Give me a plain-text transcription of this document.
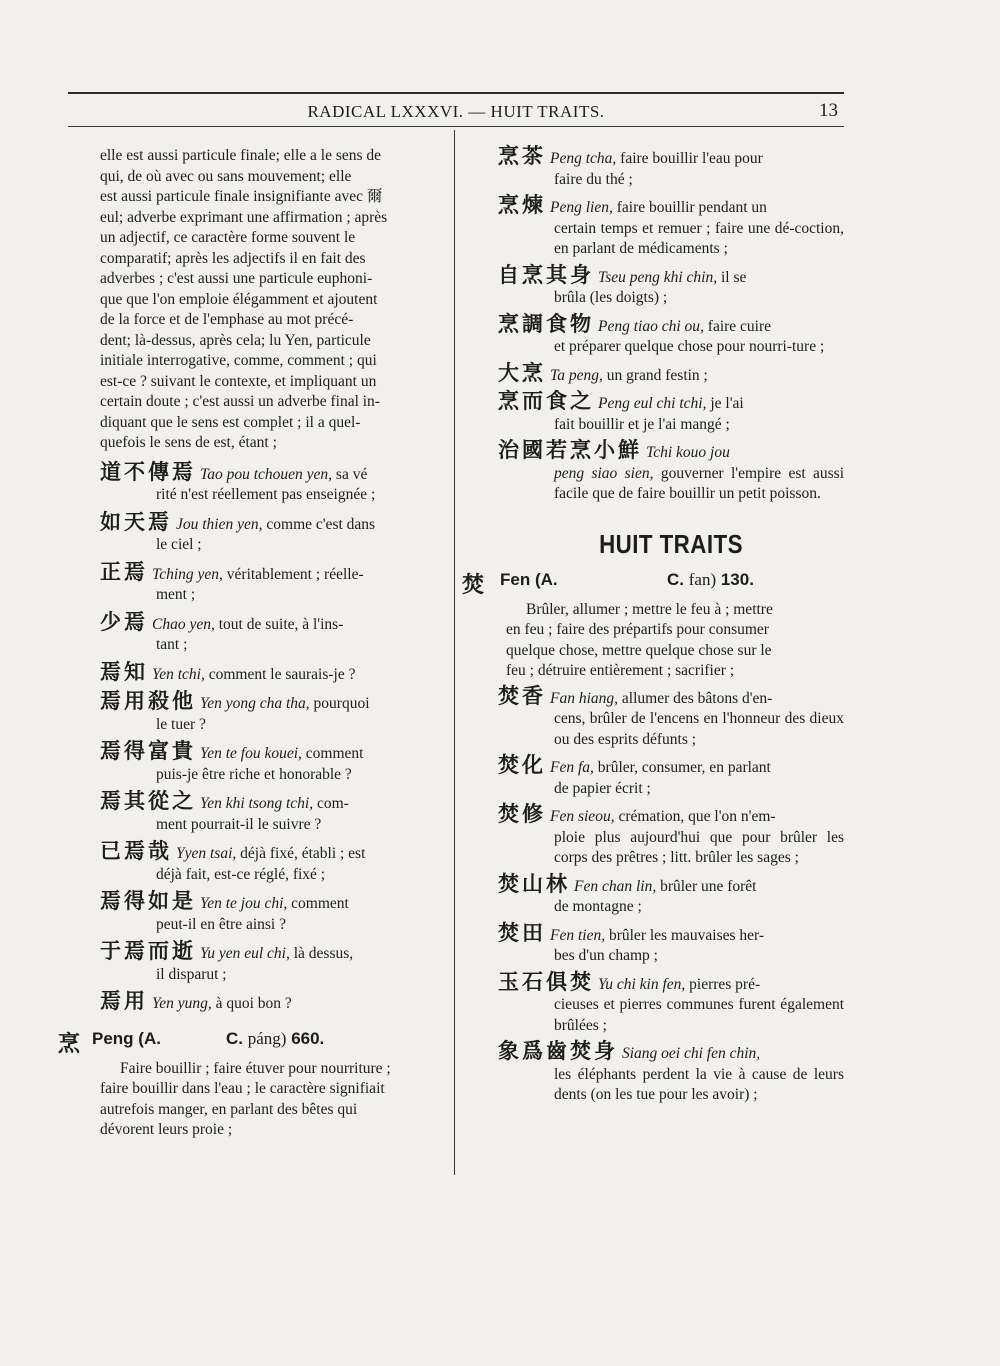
RADICAL LXXXVI. — HUIT TRAITS.	13
elle est aussi particule finale; elle a le sens de
qui, de où avec ou sans mouvement; elle
est aussi particule finale insignifiante avec 爾
eul; adverbe exprimant une affirmation ; après
un adjectif, ce caractère forme souvent le
comparatif; après les adjectifs il en fait des
adverbes ; c'est aussi une particule euphoni-
que que l'on emploie élégamment et ajoutent
de la force et de l'emphase au mot précé-
dent; là-dessus, après cela; lu Yen, particule
initiale interrogative, comme, comment ; qui
est-ce ? suivant le contexte, et impliquant un
certain doute ; c'est aussi un adverbe final in-
diquant que le sens est complet ; il a quel-
quefois le sens de est, étant ;
道不傳焉 Tao pou tchouen yen, sa vé
rité n'est réellement pas enseignée ;
如天焉 Jou thien yen, comme c'est dans
le ciel ;
正焉 Tching yen, véritablement ; réelle-
ment ;
少焉 Chao yen, tout de suite, à l'ins-
tant ;
焉知 Yen tchi, comment le saurais-je ?
焉用殺他 Yen yong cha tha, pourquoi
le tuer ?
焉得富貴 Yen te fou kouei, comment
puis-je être riche et honorable ?
焉其從之 Yen khi tsong tchi, com-
ment pourrait-il le suivre ?
已焉哉 Yyen tsai, déjà fixé, établi ; est
déjà fait, est-ce réglé, fixé ;
焉得如是 Yen te jou chi, comment
peut-il en être ainsi ?
于焉而逝 Yu yen eul chi, là dessus,
il disparut ;
焉用 Yen yung, à quoi bon ?
烹 Peng (A.	C. páng) 660.
Faire bouillir ; faire étuver pour nourriture ;
faire bouillir dans l'eau ; le caractère signifiait
autrefois manger, en parlant des bêtes qui
dévorent leurs proie ;
烹茶 Peng tcha, faire bouillir l'eau pour
faire du thé ;
烹煉 Peng lien, faire bouillir pendant un
certain temps et remuer ; faire une dé-coction, en parlant de médicaments ;
自烹其身 Tseu peng khi chin, il se
brûla (les doigts) ;
烹調食物 Peng tiao chi ou, faire cuire
et préparer quelque chose pour nourri-ture ;
大烹 Ta peng, un grand festin ;
烹而食之 Peng eul chi tchi, je l'ai
fait bouillir et je l'ai mangé ;
治國若烹小鮮 Tchi kouo jou
peng siao sien, gouverner l'empire est aussi facile que de faire bouillir un petit poisson.
HUIT TRAITS
焚 Fen (A.	C. fan) 130.
Brûler, allumer ; mettre le feu à ; mettre
en feu ; faire des prépartifs pour consumer
quelque chose, mettre quelque chose sur le
feu ; détruire entièrement ; sacrifier ;
焚香 Fan hiang, allumer des bâtons d'en-
cens, brûler de l'encens en l'honneur des dieux ou des esprits défunts ;
焚化 Fen fa, brûler, consumer, en parlant
de papier écrit ;
焚修 Fen sieou, crémation, que l'on n'em-
ploie plus aujourd'hui que pour brûler les corps des prêtres ; litt. brûler les sages ;
焚山林 Fen chan lin, brûler une forêt
de montagne ;
焚田 Fen tien, brûler les mauvaises her-
bes d'un champ ;
玉石俱焚 Yu chi kin fen, pierres pré-
cieuses et pierres communes furent également brûlées ;
象爲齒焚身 Siang oei chi fen chin,
les éléphants perdent la vie à cause de leurs dents (on les tue pour les avoir) ;
